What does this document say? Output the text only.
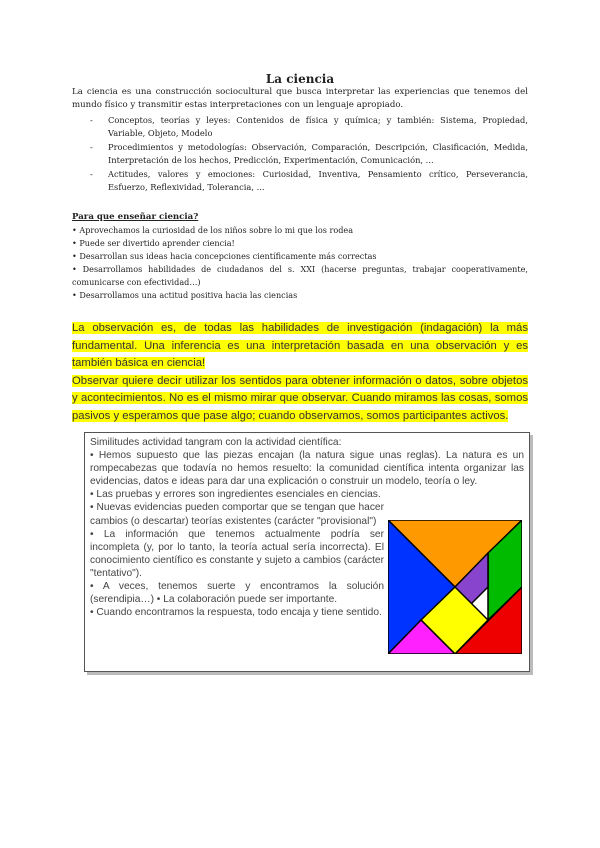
La ciencia
La ciencia es una construcción sociocultural que busca interpretar las experiencias que tenemos del mundo físico y transmitir estas interpretaciones con un lenguaje apropiado.
- Conceptos, teorías y leyes: Contenidos de física y química; y también: Sistema, Propiedad, Variable, Objeto, Modelo
- Procedimientos y metodologías: Observación, Comparación, Descripción, Clasificación, Medida, Interpretación de los hechos, Predicción, Experimentación, Comunicación, ...
- Actitudes, valores y emociones: Curiosidad, Inventiva, Pensamiento crítico, Perseverancia, Esfuerzo, Reflexividad, Tolerancia, ...
Para que enseñar ciencia?
• Aprovechamos la curiosidad de los niños sobre lo mi que los rodea
• Puede ser divertido aprender ciencia!
• Desarrollan sus ideas hacia concepciones científicamente más correctas
• Desarrollamos habilidades de ciudadanos del s. XXI (hacerse preguntas, trabajar cooperativamente, comunicarse con efectividad…)
• Desarrollamos una actitud positiva hacia las ciencias

La observación es, de todas las habilidades de investigación (indagación) la más fundamental. Una inferencia es una interpretación basada en una observación y es también básica en ciencia!

Observar quiere decir utilizar los sentidos para obtener información o datos, sobre objetos y acontecimientos. No es el mismo mirar que observar. Cuando miramos las cosas, somos pasivos y esperamos que pase algo; cuando observamos, somos participantes activos.

Similitudes actividad tangram con la actividad científica:
• Hemos supuesto que las piezas encajan (la natura sigue unas reglas). La natura es un rompecabezas que todavía no hemos resuelto: la comunidad científica intenta organizar las evidencias, datos e ideas para dar una explicación o construir un modelo, teoría o ley.
• Las pruebas y errores son ingredientes esenciales en ciencias.
• Nuevas evidencias pueden comportar que se tengan que hacer cambios (o descartar) teorías existentes (carácter "provisional")
• La información que tenemos actualmente podría ser incompleta (y, por lo tanto, la teoría actual sería incorrecta). El conocimiento científico es constante y sujeto a cambios (carácter "tentativo").
• A veces, tenemos suerte y encontramos la solución (serendipia…) • La colaboración puede ser importante.
• Cuando encontramos la respuesta, todo encaja y tiene sentido.
